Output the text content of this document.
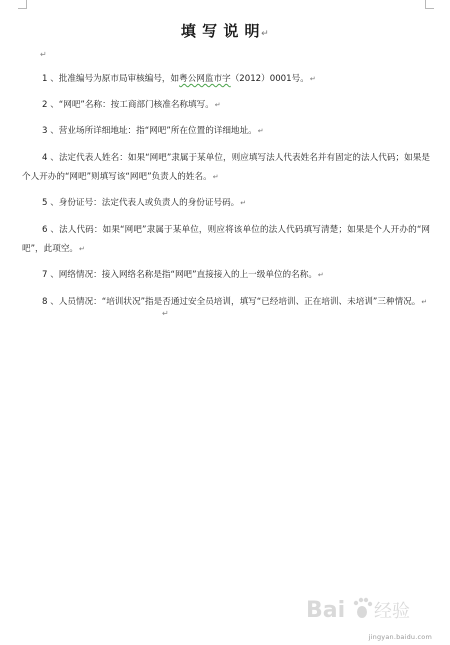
填 写 说 明↵
↵

1 、批准编号为原市局审核编号，如粤公网监市字（2012）0001号。↵

2 、“网吧”名称：按工商部门核准名称填写。↵

3 、营业场所详细地址：指“网吧”所在位置的详细地址。↵

4 、法定代表人姓名：如果“网吧”隶属于某单位，则应填写法人代表姓名并有固定的法人代码；如果是个人开办的“网吧”则填写该“网吧”负责人的姓名。↵

5 、身份证号：法定代表人或负责人的身份证号码。↵

6 、法人代码：如果“网吧”隶属于某单位，则应将该单位的法人代码填写清楚；如果是个人开办的“网吧”，此项空。↵

7 、网络情况：接入网络名称是指“网吧”直接接入的上一级单位的名称。↵

8 、人员情况：“培训状况”指是否通过安全员培训，填写“已经培训、正在培训、未培训”三种情况。↵

↵
Bai 经验
jingyan.baidu.com
